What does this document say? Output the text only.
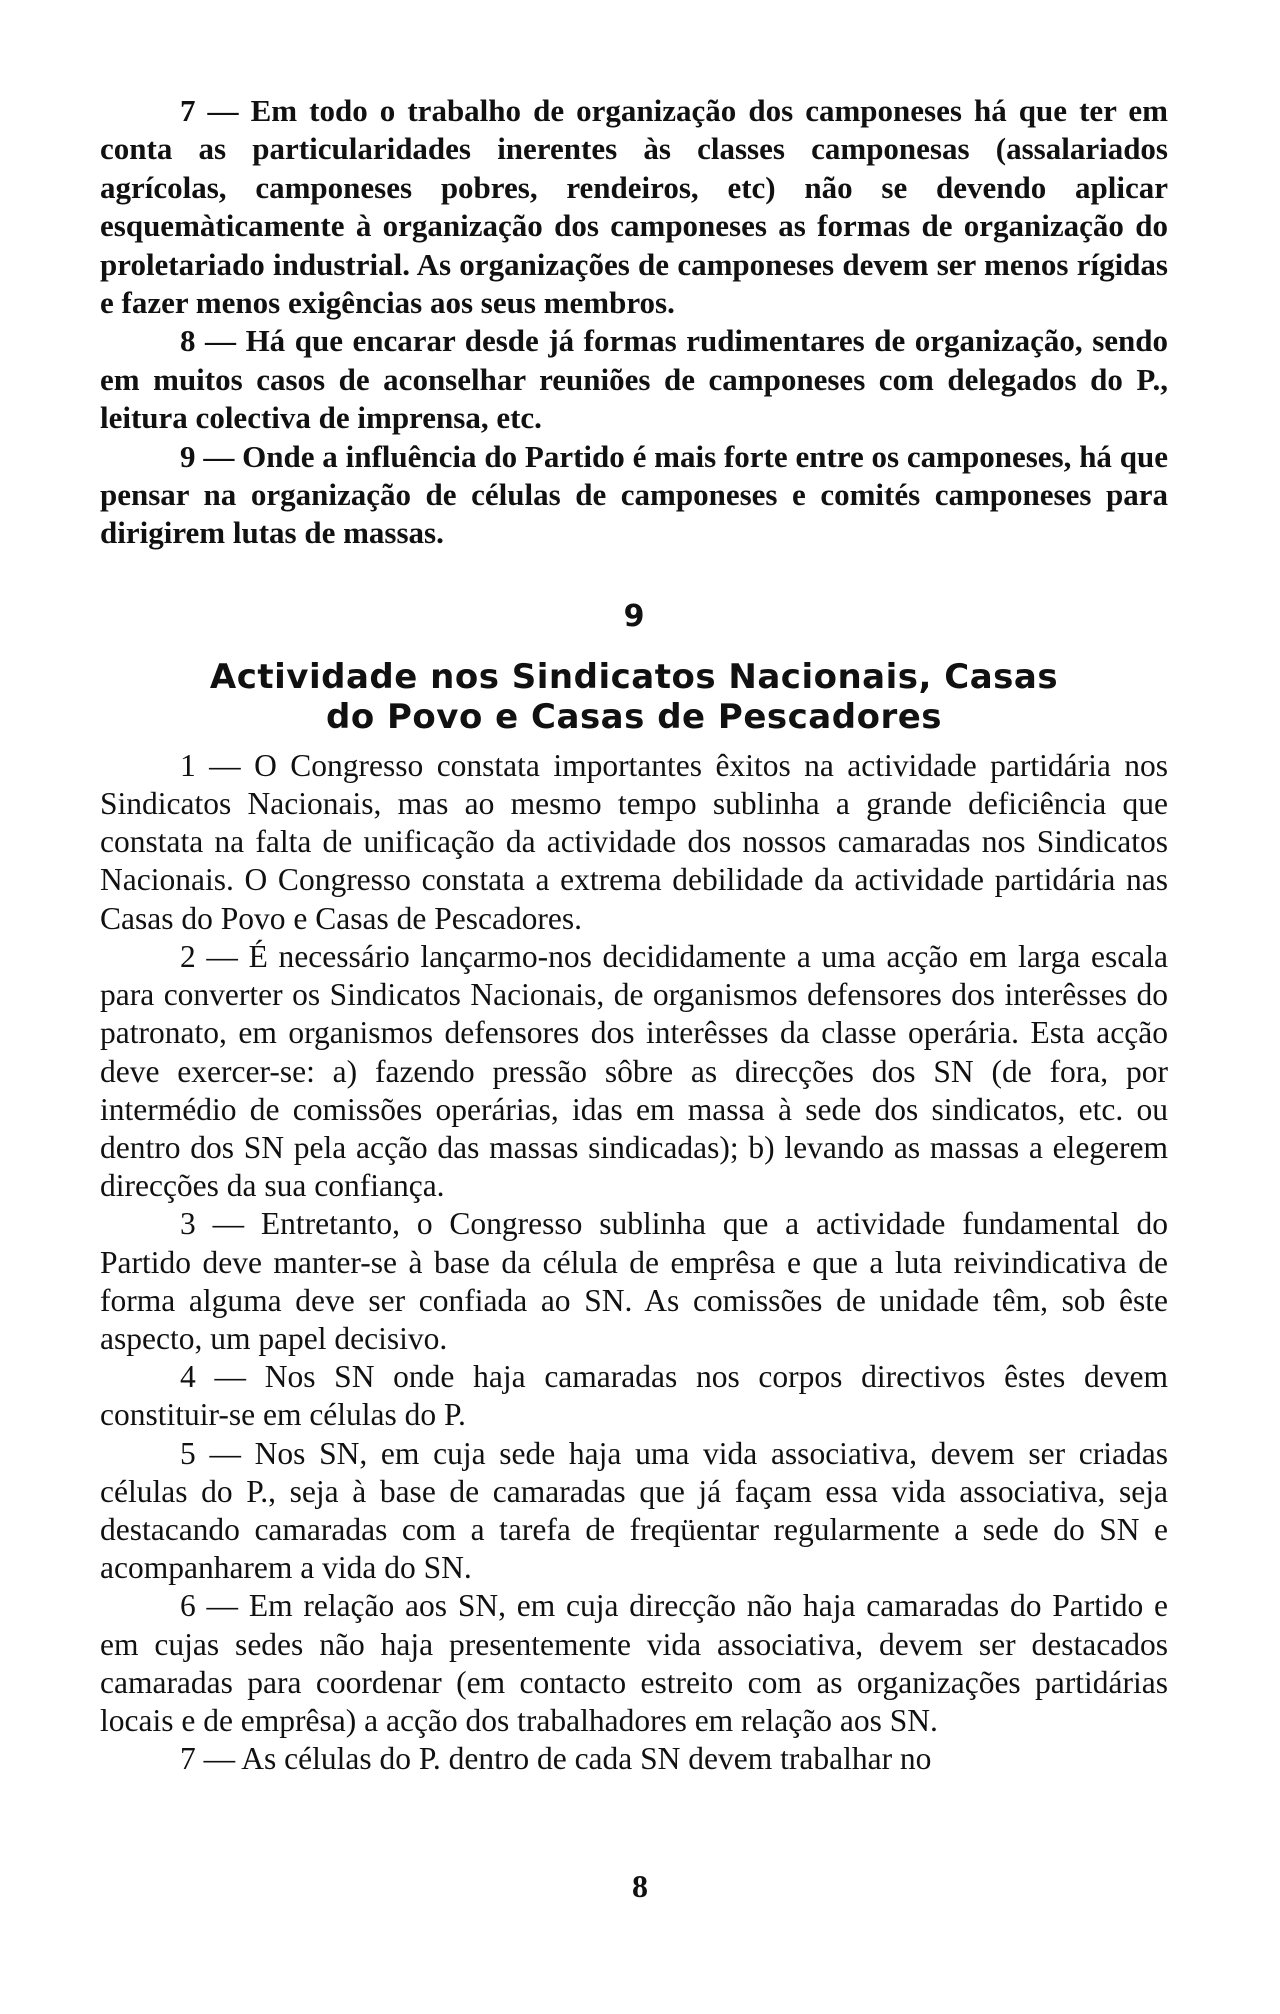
7 — Em todo o trabalho de organização dos camponeses há que ter em conta as particularidades inerentes às classes camponesas (assalariados agrícolas, camponeses pobres, rendeiros, etc) não se devendo aplicar esquemàticamente à organização dos camponeses as formas de organização do proletariado industrial. As organizações de camponeses devem ser menos rígidas e fazer menos exigências aos seus membros.

8 — Há que encarar desde já formas rudimentares de organização, sendo em muitos casos de aconselhar reuniões de camponeses com delegados do P., leitura colectiva de imprensa, etc.

9 — Onde a influência do Partido é mais forte entre os camponeses, há que pensar na organização de células de camponeses e comités camponeses para dirigirem lutas de massas.

9
Actividade nos Sindicatos Nacionais, Casas
do Povo e Casas de Pescadores

1 — O Congresso constata importantes êxitos na actividade partidária nos Sindicatos Nacionais, mas ao mesmo tempo sublinha a grande deficiência que constata na falta de unificação da actividade dos nossos camaradas nos Sindicatos Nacionais. O Congresso constata a extrema debilidade da actividade partidária nas Casas do Povo e Casas de Pescadores.

2 — É necessário lançarmo-nos decididamente a uma acção em larga escala para converter os Sindicatos Nacionais, de organismos defensores dos interêsses do patronato, em organismos defensores dos interêsses da classe operária. Esta acção deve exercer-se: a) fazendo pressão sôbre as direcções dos SN (de fora, por intermédio de comissões operárias, idas em massa à sede dos sindicatos, etc. ou dentro dos SN pela acção das massas sindicadas); b) levando as massas a elegerem direcções da sua confiança.

3 — Entretanto, o Congresso sublinha que a actividade fundamental do Partido deve manter-se à base da célula de emprêsa e que a luta reivindicativa de forma alguma deve ser confiada ao SN. As comissões de unidade têm, sob êste aspecto, um papel decisivo.

4 — Nos SN onde haja camaradas nos corpos directivos êstes devem constituir-se em células do P.

5 — Nos SN, em cuja sede haja uma vida associativa, devem ser criadas células do P., seja à base de camaradas que já façam essa vida associativa, seja destacando camaradas com a tarefa de freqüentar regularmente a sede do SN e acompanharem a vida do SN.

6 — Em relação aos SN, em cuja direcção não haja camaradas do Partido e em cujas sedes não haja presentemente vida associativa, devem ser destacados camaradas para coordenar (em contacto estreito com as organizações partidárias locais e de emprêsa) a acção dos trabalhadores em relação aos SN.

7 — As células do P. dentro de cada SN devem trabalhar no

8
